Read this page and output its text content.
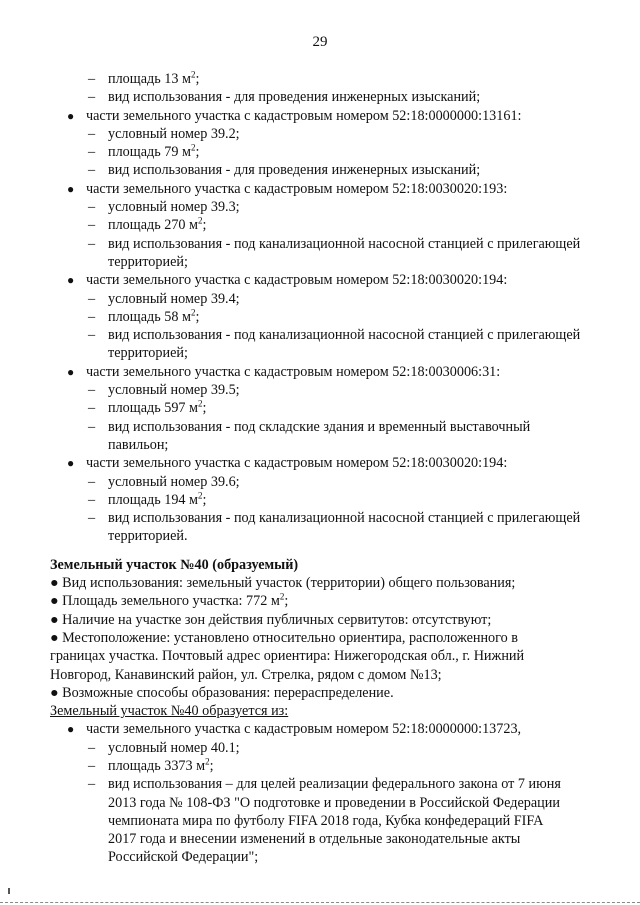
29
– площадь 13 $м^2$;
– вид использования - для проведения инженерных изысканий;
● части земельного участка с кадастровым номером 52:18:0000000:13161:
– условный номер 39.2;
– площадь 79 $м^2$;
– вид использования - для проведения инженерных изысканий;
● части земельного участка с кадастровым номером 52:18:0030020:193:
– условный номер 39.3;
– площадь 270 $м^2$;
– вид использования - под канализационной насосной станцией с прилегающей
территорией;
● части земельного участка с кадастровым номером 52:18:0030020:194:
– условный номер 39.4;
– площадь 58 $м^2$;
– вид использования - под канализационной насосной станцией с прилегающей
территорией;
● части земельного участка с кадастровым номером 52:18:0030006:31:
– условный номер 39.5;
– площадь 597 $м^2$;
– вид использования - под складские здания и временный выставочный
павильон;
● части земельного участка с кадастровым номером 52:18:0030020:194:
– условный номер 39.6;
– площадь 194 $м^2$;
– вид использования - под канализационной насосной станцией с прилегающей
территорией.
Земельный участок №40 (образуемый)
● Вид использования: земельный участок (территории) общего пользования;
● Площадь земельного участка: 772 $м^2$;
● Наличие на участке зон действия публичных сервитутов: отсутствуют;
● Местоположение: установлено относительно ориентира, расположенного в
границах участка. Почтовый адрес ориентира: Нижегородская обл., г. Нижний
Новгород, Канавинский район, ул. Стрелка, рядом с домом №13;
● Возможные способы образования: перераспределение.
Земельный участок №40 образуется из:
● части земельного участка с кадастровым номером 52:18:0000000:13723,
– условный номер 40.1;
– площадь 3373 $м^2$;
– вид использования – для целей реализации федерального закона от 7 июня
2013 года № 108-ФЗ "О подготовке и проведении в Российской Федерации
чемпионата мира по футболу FIFA 2018 года, Кубка конфедераций FIFA
2017 года и внесении изменений в отдельные законодательные акты
Российской Федерации";
